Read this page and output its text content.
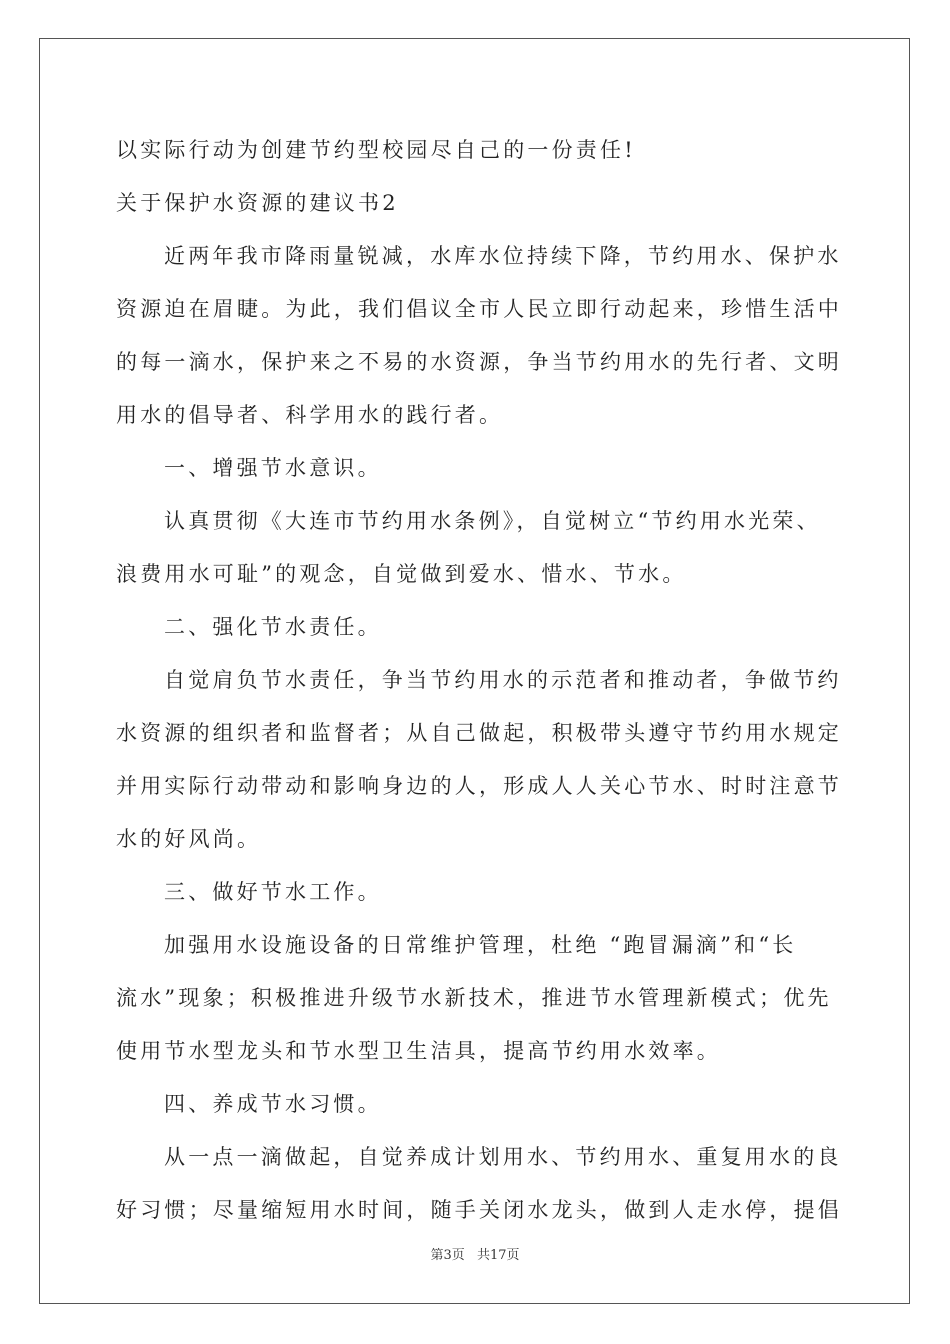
以实际行动为创建节约型校园尽自己的一份责任!

关于保护水资源的建议书2

近两年我市降雨量锐减，水库水位持续下降，节约用水、保护水
资源迫在眉睫。为此，我们倡议全市人民立即行动起来，珍惜生活中
的每一滴水，保护来之不易的水资源，争当节约用水的先行者、文明
用水的倡导者、科学用水的践行者。

一、增强节水意识。

认真贯彻《大连市节约用水条例》，自觉树立“节约用水光荣、
浪费用水可耻”的观念，自觉做到爱水、惜水、节水。

二、强化节水责任。

自觉肩负节水责任，争当节约用水的示范者和推动者，争做节约
水资源的组织者和监督者；从自己做起，积极带头遵守节约用水规定
并用实际行动带动和影响身边的人，形成人人关心节水、时时注意节
水的好风尚。

三、做好节水工作。

加强用水设施设备的日常维护管理，杜绝 “跑冒漏滴”和“长
流水”现象；积极推进升级节水新技术，推进节水管理新模式；优先
使用节水型龙头和节水型卫生洁具，提高节约用水效率。

四、养成节水习惯。

从一点一滴做起，自觉养成计划用水、节约用水、重复用水的良
好习惯；尽量缩短用水时间，随手关闭水龙头，做到人走水停，提倡
第3页 共17页
